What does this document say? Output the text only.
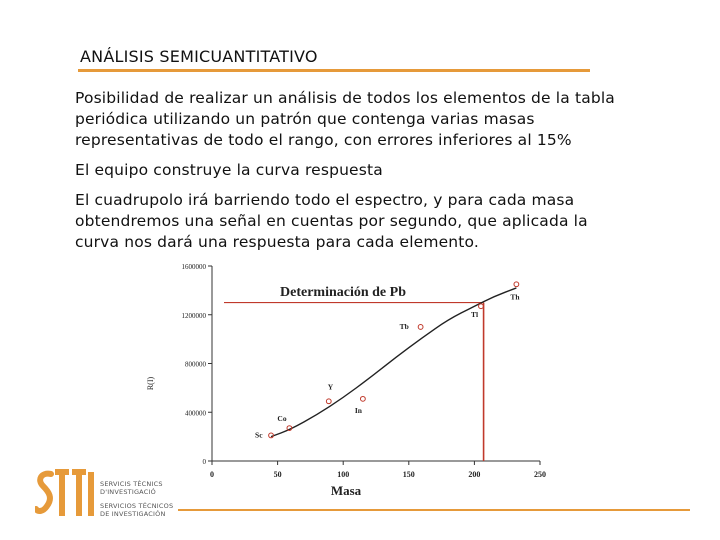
ANÁLISIS SEMICUANTITATIVO
Posibilidad de realizar un análisis de todos los elementos de la tabla
periódica utilizando un patrón que contenga varias masas
representativas de todo el rango, con errores inferiores al 15%
El equipo construye la curva respuesta
El cuadrupolo irá barriendo todo el espectro, y para cada masa
obtendremos una señal en cuentas por segundo, que aplicada la
curva nos dará una respuesta para cada elemento.
0
400000
800000
1200000
1600000
0	50	100	150	200	250
Masa
R(I)
Determinación de Pb
Sc
Co
Y
In
Tb
Tl
Th
SERVICIS TÈCNICS
D'INVESTIGACIÓ
SERVICIOS TÉCNICOS
DE INVESTIGACIÓN
